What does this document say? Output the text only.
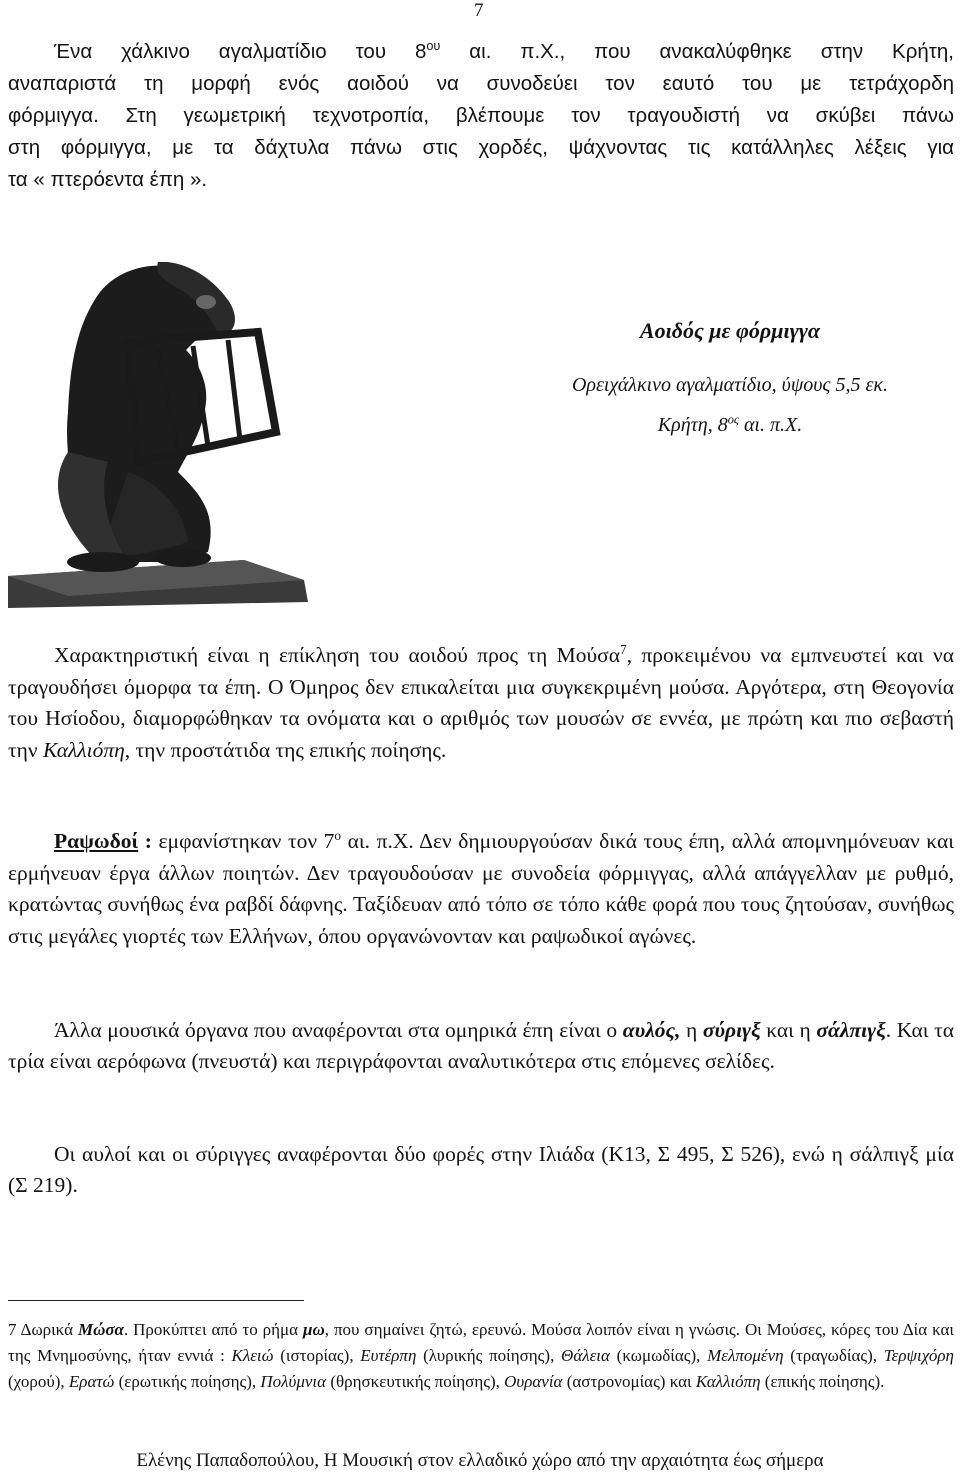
7

Ένα χάλκινο αγαλματίδιο του $8^{o\upsilon}$ αι. π.Χ., που ανακαλύφθηκε στην Κρήτη,
αναπαριστά τη μορφή ενός αοιδού να συνοδεύει τον εαυτό του με τετράχορδη
φόρμιγγα. Στη γεωμετρική τεχνοτροπία, βλέπουμε τον τραγουδιστή να σκύβει πάνω
στη φόρμιγγα, με τα δάχτυλα πάνω στις χορδές, ψάχνοντας τις κατάλληλες λέξεις για
τα « πτερόεντα έπη ».

Αοιδός με φόρμιγγα

Ορειχάλκινο αγαλματίδιο, ύψους 5,5 εκ.

Κρήτη, $8^{o\varsigma}$ αι. π.Χ.

Χαρακτηριστική είναι η επίκληση του αοιδού προς τη Μούσα$^7$, προκειμένου να εμπνευστεί και να τραγουδήσει όμορφα τα έπη. Ο Όμηρος δεν επικαλείται μια συγκεκριμένη μούσα. Αργότερα, στη Θεογονία του Ησίοδου, διαμορφώθηκαν τα ονόματα και ο αριθμός των μουσών σε εννέα, με πρώτη και πιο σεβαστή την Καλλιόπη, την προστάτιδα της επικής ποίησης.

Ραψωδοί : εμφανίστηκαν τον $7^o$ αι. π.Χ. Δεν δημιουργούσαν δικά τους έπη, αλλά απομνημόνευαν και ερμήνευαν έργα άλλων ποιητών. Δεν τραγουδούσαν με συνοδεία φόρμιγγας, αλλά απάγγελλαν με ρυθμό, κρατώντας συνήθως ένα ραβδί δάφνης. Ταξίδευαν από τόπο σε τόπο κάθε φορά που τους ζητούσαν, συνήθως στις μεγάλες γιορτές των Ελλήνων, όπου οργανώνονταν και ραψωδικοί αγώνες.

Άλλα μουσικά όργανα που αναφέρονται στα ομηρικά έπη είναι ο αυλός, η σύριγξ και η σάλπιγξ. Και τα τρία είναι αερόφωνα (πνευστά) και περιγράφονται αναλυτικότερα στις επόμενες σελίδες.

Οι αυλοί και οι σύριγγες αναφέρονται δύο φορές στην Ιλιάδα (Κ13, Σ 495, Σ 526), ενώ η σάλπιγξ μία (Σ 219).

7 Δωρικά Μώσα. Προκύπτει από το ρήμα μω, που σημαίνει ζητώ, ερευνώ. Μούσα λοιπόν είναι η γνώσις. Οι Μούσες, κόρες του Δία και της Μνημοσύνης, ήταν εννιά : Κλειώ (ιστορίας), Ευτέρπη (λυρικής ποίησης), Θάλεια (κωμωδίας), Μελπομένη (τραγωδίας), Τερψιχόρη (χορού), Ερατώ (ερωτικής ποίησης), Πολύμνια (θρησκευτικής ποίησης), Ουρανία (αστρονομίας) και Καλλιόπη (επικής ποίησης).

Ελένης Παπαδοπούλου, Η Μουσική στον ελλαδικό χώρο από την αρχαιότητα έως σήμερα
